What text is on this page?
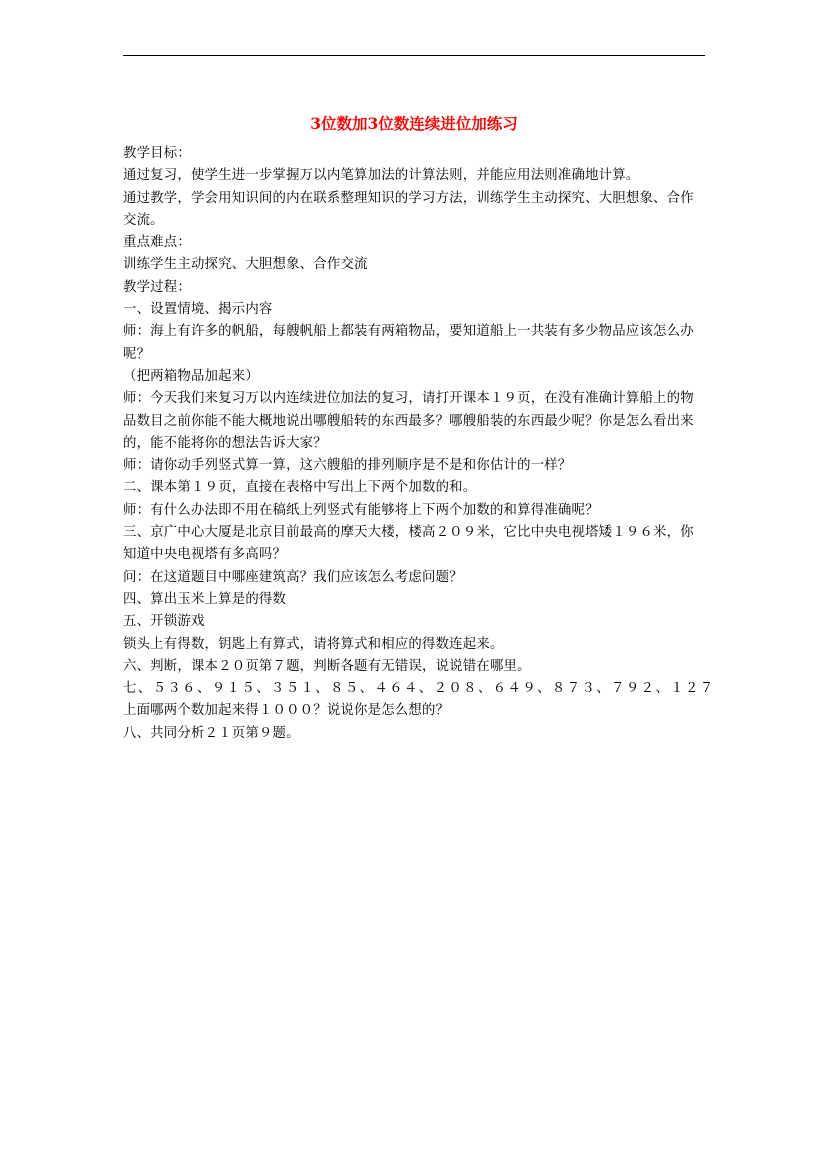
3位数加3位数连续进位加练习

教学目标：

通过复习，使学生进一步掌握万以内笔算加法的计算法则，并能应用法则准确地计算。

通过教学，学会用知识间的内在联系整理知识的学习方法，训练学生主动探究、大胆想象、合作交流。

重点难点：

训练学生主动探究、大胆想象、合作交流

教学过程：

一、设置情境、揭示内容

师：海上有许多的帆船，每艘帆船上都装有两箱物品，要知道船上一共装有多少物品应该怎么办呢？

（把两箱物品加起来）

师：今天我们来复习万以内连续进位加法的复习，请打开课本１９页，在没有准确计算船上的物品数目之前你能不能大概地说出哪艘船转的东西最多？哪艘船装的东西最少呢？你是怎么看出来的，能不能将你的想法告诉大家？

师：请你动手列竖式算一算，这六艘船的排列顺序是不是和你估计的一样？

二、课本第１９页，直接在表格中写出上下两个加数的和。

师：有什么办法即不用在稿纸上列竖式有能够将上下两个加数的和算得准确呢？

三、京广中心大厦是北京目前最高的摩天大楼，楼高２０９米，它比中央电视塔矮１９６米，你知道中央电视塔有多高吗？

问：在这道题目中哪座建筑高？我们应该怎么考虑问题？

四、算出玉米上算是的得数

五、开锁游戏

锁头上有得数，钥匙上有算式，请将算式和相应的得数连起来。

六、判断，课本２０页第７题，判断各题有无错误，说说错在哪里。

七、５３６、９１５、３５１、８５、４６４、２０８、６４９、８７３、７９２、１２７

上面哪两个数加起来得１０００？说说你是怎么想的？

八、共同分析２１页第９题。
